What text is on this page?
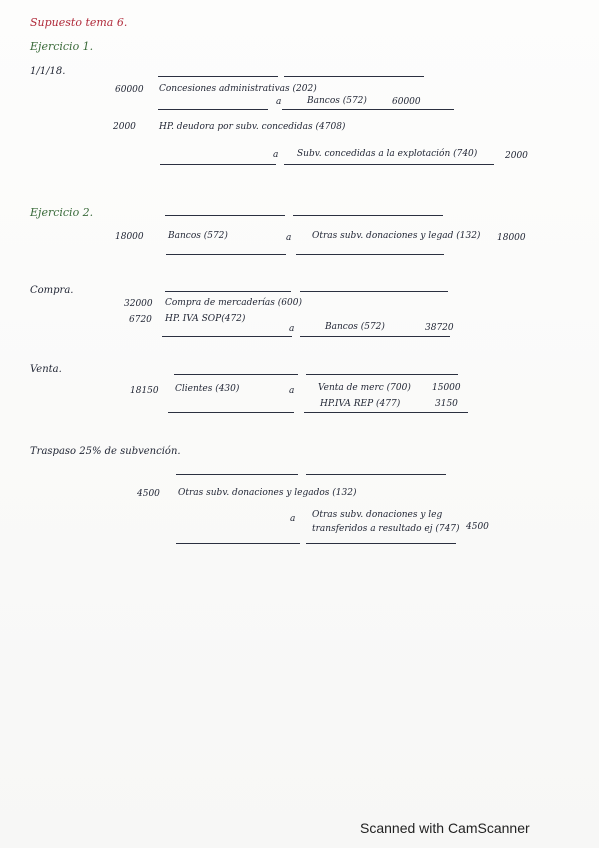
Supuesto tema 6.
Ejercicio 1.
1/1/18.
60000 Concesiones administrativas (202)
a	Bancos (572)	60000
2000	HP. deudora por subv. concedidas (4708)
a Subv. concedidas a la explotación (740)	2000
Ejercicio 2.
18000	Bancos (572)	a Otras subv. donaciones y legad (132) 18000
Compra.
32000 Compra de mercaderías (600)
6720 HP. IVA SOP(472)
a	Bancos (572)	38720
Venta.
18150 Clientes (430)	a	Venta de merc (700) 15000
HP.IVA REP (477)	3150
Traspaso 25% de subvención.
4500 Otras subv. donaciones y legados (132)
a Otras subv. donaciones y leg
transferidos a resultado ej (747) 4500
Scanned with CamScanner
